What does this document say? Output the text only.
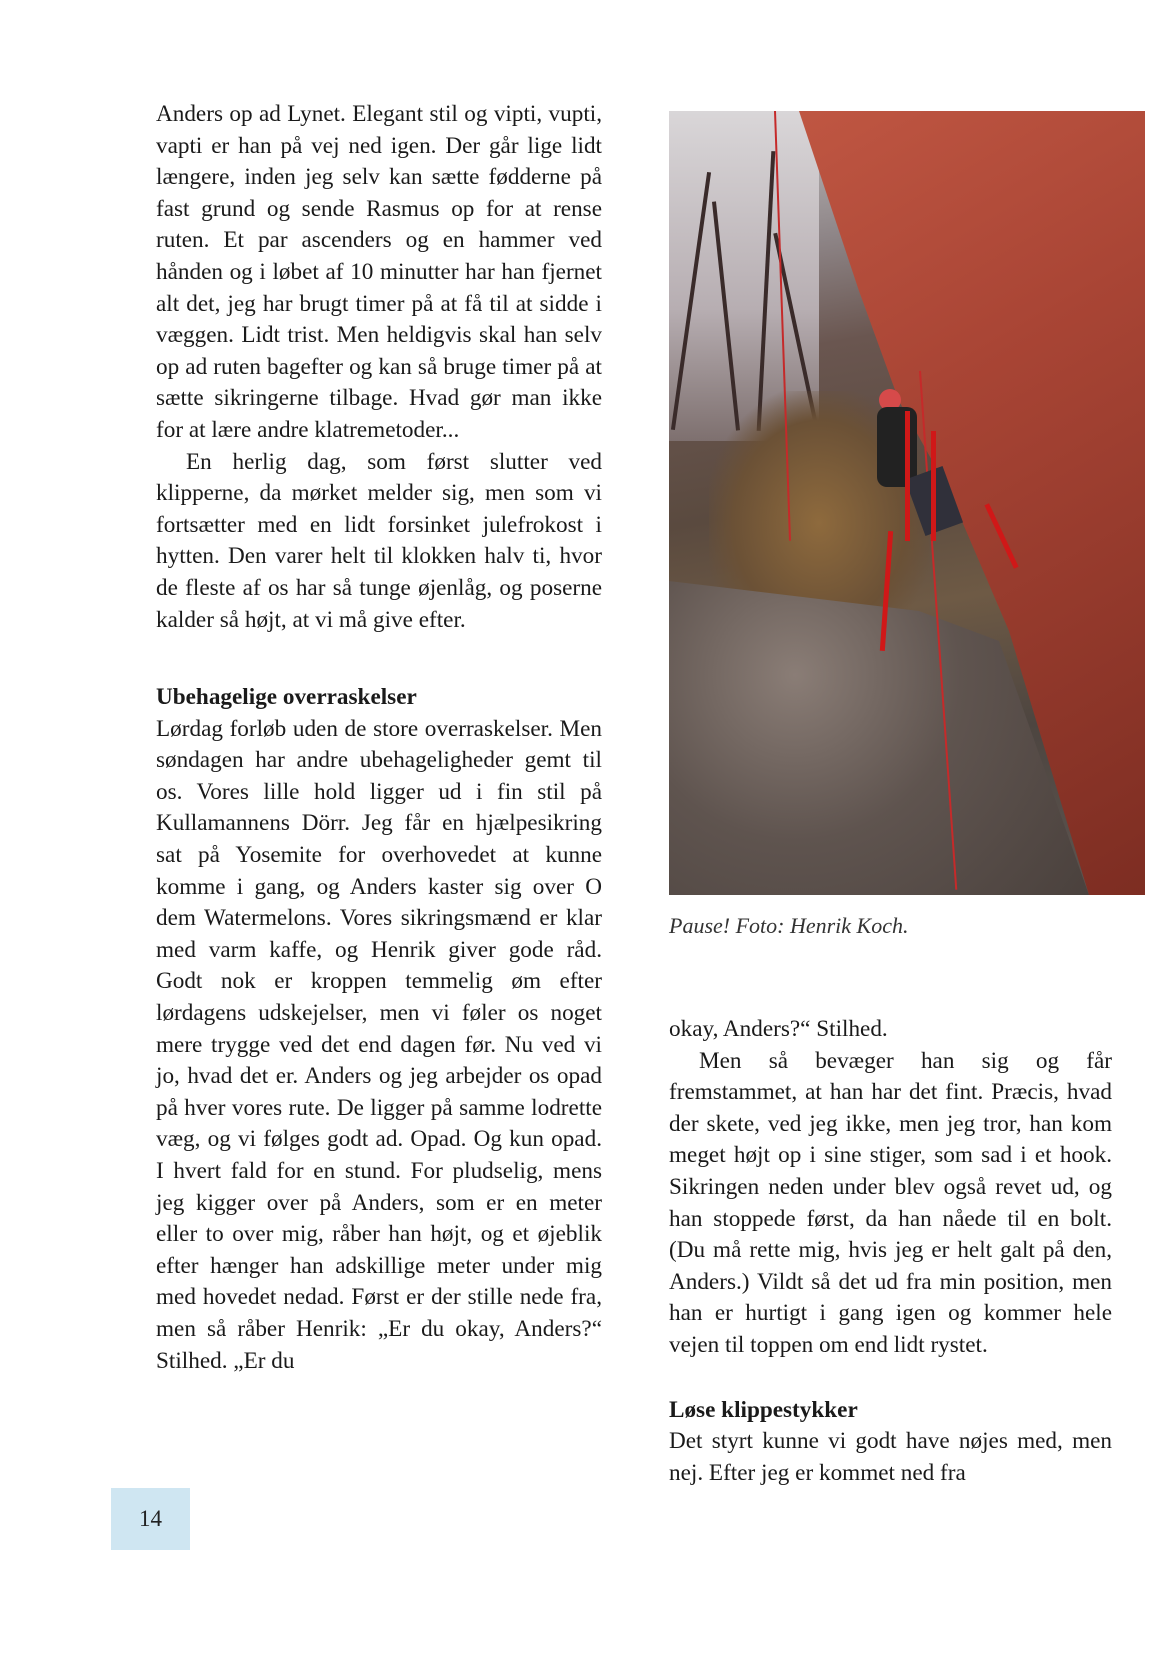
Anders op ad Lynet. Elegant stil og vipti, vupti, vapti er han på vej ned igen. Der går lige lidt længere, inden jeg selv kan sætte fødderne på fast grund og sende Rasmus op for at rense ruten. Et par ascenders og en hammer ved hånden og i løbet af 10 minutter har han fjernet alt det, jeg har brugt timer på at få til at sidde i væggen. Lidt trist. Men heldigvis skal han selv op ad ruten bagefter og kan så bruge timer på at sætte sikringerne tilbage. Hvad gør man ikke for at lære andre klatremetoder...

En herlig dag, som først slutter ved klipperne, da mørket melder sig, men som vi fortsætter med en lidt forsinket julefrokost i hytten. Den varer helt til klokken halv ti, hvor de fleste af os har så tunge øjenlåg, og poserne kalder så højt, at vi må give efter.

Ubehagelige overraskelser

Lørdag forløb uden de store overraskelser. Men søndagen har andre ubehageligheder gemt til os. Vores lille hold ligger ud i fin stil på Kullamannens Dörr. Jeg får en hjælpesikring sat på Yosemite for overhovedet at kunne komme i gang, og Anders kaster sig over O dem Watermelons. Vores sikringsmænd er klar med varm kaffe, og Henrik giver gode råd. Godt nok er kroppen temmelig øm efter lørdagens udskejelser, men vi føler os noget mere trygge ved det end dagen før. Nu ved vi jo, hvad det er. Anders og jeg arbejder os opad på hver vores rute. De ligger på samme lodrette væg, og vi følges godt ad. Opad. Og kun opad. I hvert fald for en stund. For pludselig, mens jeg kigger over på Anders, som er en meter eller to over mig, råber han højt, og et øjeblik efter hænger han adskillige meter under mig med hovedet nedad. Først er der stille nede fra, men så råber Henrik: „Er du okay, Anders?“ Stilhed. „Er du

Pause! Foto: Henrik Koch.

okay, Anders?“ Stilhed.

Men så bevæger han sig og får fremstammet, at han har det fint. Præcis, hvad der skete, ved jeg ikke, men jeg tror, han kom meget højt op i sine stiger, som sad i et hook. Sikringen neden under blev også revet ud, og han stoppede først, da han nåede til en bolt. (Du må rette mig, hvis jeg er helt galt på den, Anders.) Vildt så det ud fra min position, men han er hurtigt i gang igen og kommer hele vejen til toppen om end lidt rystet.

Løse klippestykker

Det styrt kunne vi godt have nøjes med, men nej. Efter jeg er kommet ned fra

14
